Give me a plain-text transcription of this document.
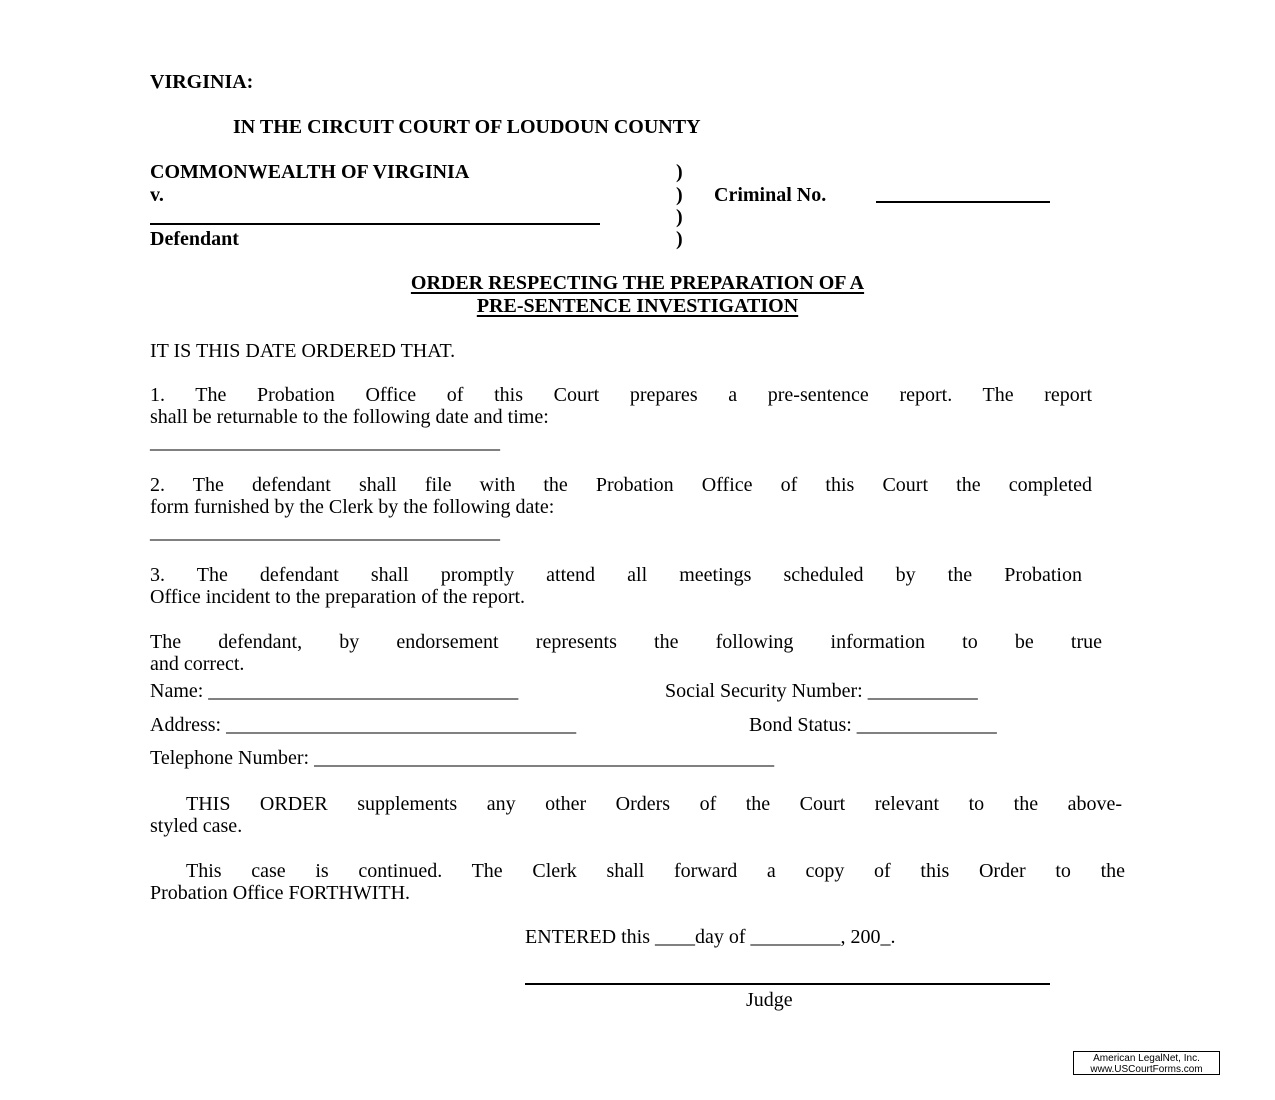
VIRGINIA:
IN THE CIRCUIT COURT OF LOUDOUN COUNTY
COMMONWEALTH OF VIRGINIA
v.
Defendant
)
)
)
)
Criminal No.
ORDER RESPECTING THE PREPARATION OF A
PRE-SENTENCE INVESTIGATION
IT IS THIS DATE ORDERED THAT.
1. The Probation Office of this Court prepares a pre-sentence report. The report
shall be returnable to the following date and time:
___________________________________
2. The defendant shall file with the Probation Office of this Court the completed
form furnished by the Clerk by the following date:
___________________________________
3. The defendant shall promptly attend all meetings scheduled by the Probation
Office incident to the preparation of the report.
The defendant, by endorsement represents the following information to be true
and correct.
Name: _______________________________	Social Security Number: ___________
Address: ___________________________________	Bond Status: ______________
Telephone Number: ______________________________________________
THIS ORDER supplements any other Orders of the Court relevant to the above-
styled case.
This case is continued. The Clerk shall forward a copy of this Order to the
Probation Office FORTHWITH.
ENTERED this ____day of _________, 200_.
Judge
American LegalNet, Inc.
www.USCourtForms.com
